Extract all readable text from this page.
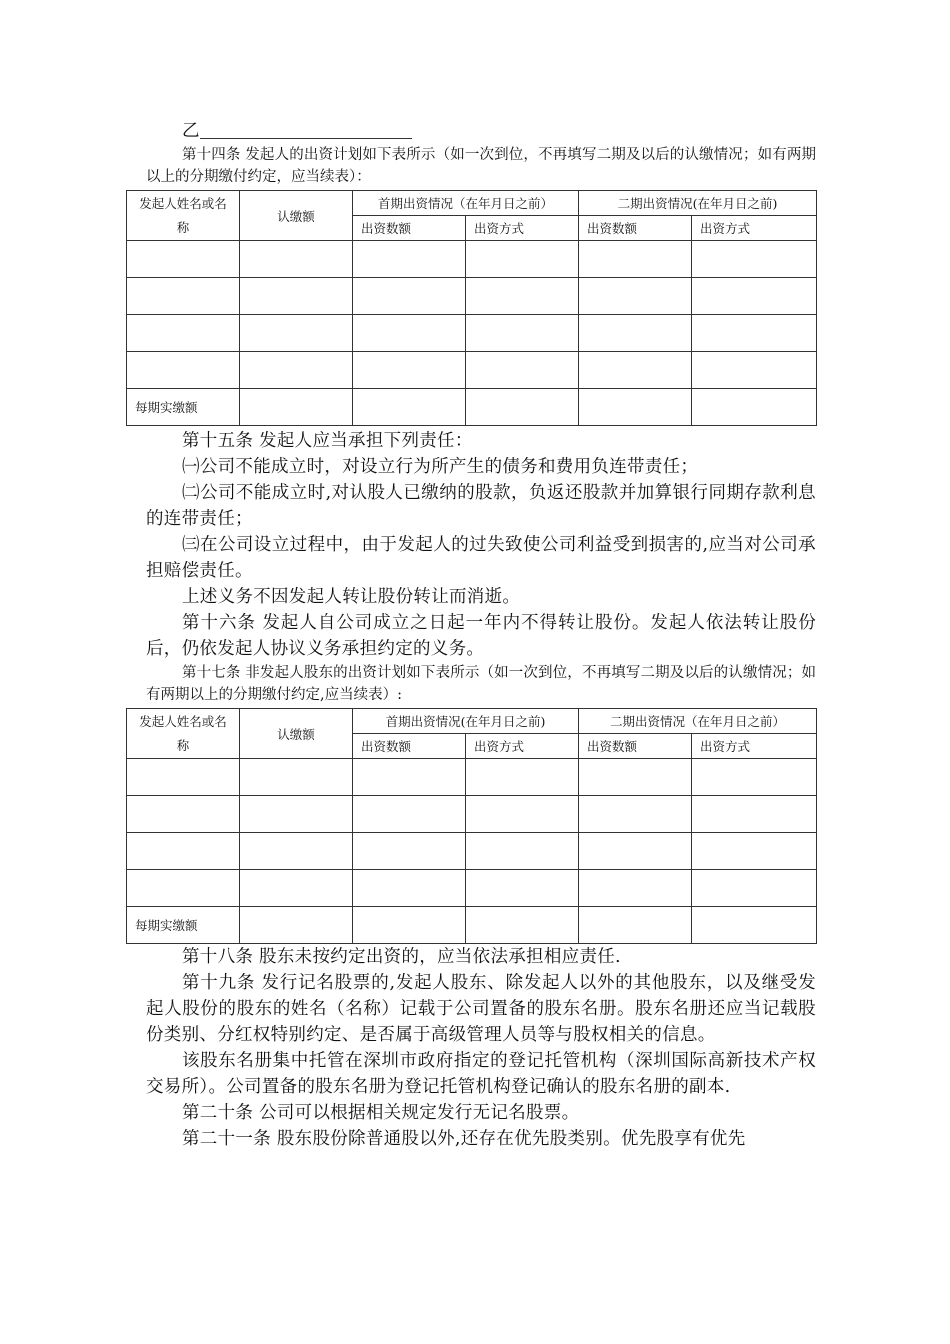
乙

第十四条 发起人的出资计划如下表所示（如一次到位，不再填写二期及以后的认缴情况；如有两期以上的分期缴付约定，应当续表）：

发起人姓名或名称	认缴额	首期出资情况（在年月日之前）		二期出资情况(在年月日之前)	
		出资数额	出资方式	出资数额	出资方式

每期实缴额					

第十五条 发起人应当承担下列责任：

㈠公司不能成立时，对设立行为所产生的债务和费用负连带责任；

㈡公司不能成立时,对认股人已缴纳的股款，负返还股款并加算银行同期存款利息的连带责任；

㈢在公司设立过程中，由于发起人的过失致使公司利益受到损害的,应当对公司承担赔偿责任。

上述义务不因发起人转让股份转让而消逝。

第十六条 发起人自公司成立之日起一年内不得转让股份。发起人依法转让股份后，仍依发起人协议义务承担约定的义务。

第十七条 非发起人股东的出资计划如下表所示（如一次到位，不再填写二期及以后的认缴情况；如有两期以上的分期缴付约定,应当续表）:

发起人姓名或名称	认缴额	首期出资情况(在年月日之前)		二期出资情况（在年月日之前）	
		出资数额	出资方式	出资数额	出资方式

每期实缴额					

第十八条 股东未按约定出资的，应当依法承担相应责任.

第十九条 发行记名股票的,发起人股东、除发起人以外的其他股东，以及继受发起人股份的股东的姓名（名称）记载于公司置备的股东名册。股东名册还应当记载股份类别、分红权特别约定、是否属于高级管理人员等与股权相关的信息。

该股东名册集中托管在深圳市政府指定的登记托管机构（深圳国际高新技术产权交易所）。公司置备的股东名册为登记托管机构登记确认的股东名册的副本.

第二十条 公司可以根据相关规定发行无记名股票。

第二十一条 股东股份除普通股以外,还存在优先股类别。优先股享有优先
